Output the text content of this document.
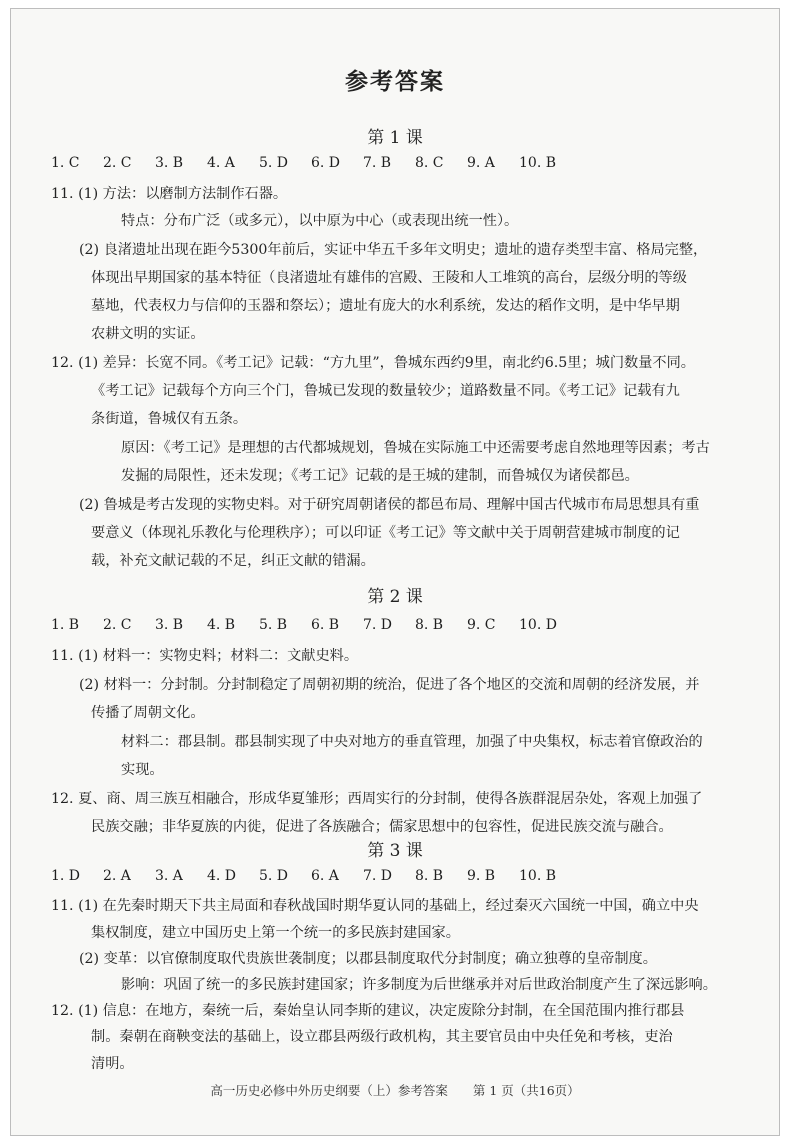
参考答案
第 1 课
1. C	2. C	3. B	4. A	5. D	6. D	7. B	8. C	9. A	10. B
11. (1) 方法：以磨制方法制作石器。
特点：分布广泛（或多元），以中原为中心（或表现出统一性）。
(2) 良渚遗址出现在距今5300年前后，实证中华五千多年文明史；遗址的遗存类型丰富、格局完整，
体现出早期国家的基本特征（良渚遗址有雄伟的宫殿、王陵和人工堆筑的高台，层级分明的等级
墓地，代表权力与信仰的玉器和祭坛）；遗址有庞大的水利系统，发达的稻作文明，是中华早期
农耕文明的实证。
12. (1) 差异：长宽不同。《考工记》记载：“方九里”，鲁城东西约9里，南北约6.5里；城门数量不同。
《考工记》记载每个方向三个门，鲁城已发现的数量较少；道路数量不同。《考工记》记载有九
条街道，鲁城仅有五条。
原因：《考工记》是理想的古代都城规划，鲁城在实际施工中还需要考虑自然地理等因素；考古
发掘的局限性，还未发现；《考工记》记载的是王城的建制，而鲁城仅为诸侯都邑。
(2) 鲁城是考古发现的实物史料。对于研究周朝诸侯的都邑布局、理解中国古代城市布局思想具有重
要意义（体现礼乐教化与伦理秩序）；可以印证《考工记》等文献中关于周朝营建城市制度的记
载，补充文献记载的不足，纠正文献的错漏。
第 2 课
1. B	2. C	3. B	4. B	5. B	6. B	7. D	8. B	9. C	10. D
11. (1) 材料一：实物史料；材料二：文献史料。
(2) 材料一：分封制。分封制稳定了周朝初期的统治，促进了各个地区的交流和周朝的经济发展，并
传播了周朝文化。
材料二：郡县制。郡县制实现了中央对地方的垂直管理，加强了中央集权，标志着官僚政治的
实现。
12. 夏、商、周三族互相融合，形成华夏雏形；西周实行的分封制，使得各族群混居杂处，客观上加强了
民族交融；非华夏族的内徙，促进了各族融合；儒家思想中的包容性，促进民族交流与融合。
第 3 课
1. D	2. A	3. A	4. D	5. D	6. A	7. D	8. B	9. B	10. B
11. (1) 在先秦时期天下共主局面和春秋战国时期华夏认同的基础上，经过秦灭六国统一中国，确立中央
集权制度，建立中国历史上第一个统一的多民族封建国家。
(2) 变革：以官僚制度取代贵族世袭制度；以郡县制度取代分封制度；确立独尊的皇帝制度。
影响：巩固了统一的多民族封建国家；许多制度为后世继承并对后世政治制度产生了深远影响。
12. (1) 信息：在地方，秦统一后，秦始皇认同李斯的建议，决定废除分封制，在全国范围内推行郡县
制。秦朝在商鞅变法的基础上，设立郡县两级行政机构，其主要官员由中央任免和考核，吏治
高一历史必修中外历史纲要（上）参考答案　　第 1 页（共16页）
清明。
